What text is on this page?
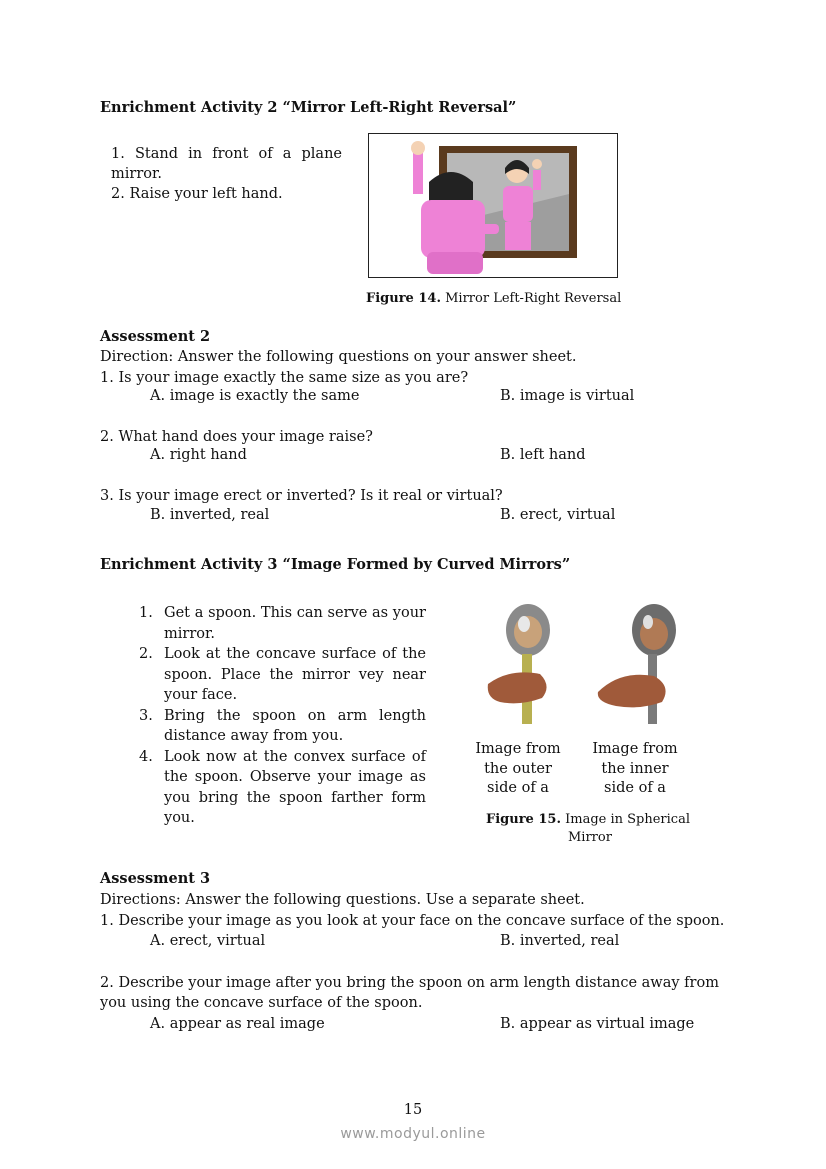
Enrichment Activity 2 “Mirror Left-Right Reversal”
1. Stand in front of a plane mirror.
2. Raise your left hand.
Figure 14. Mirror Left-Right Reversal
Assessment 2
Direction: Answer the following questions on your answer sheet.
1. Is your image exactly the same size as you are?
A. image is exactly the same	B. image is virtual
2. What hand does your image raise?
A. right hand	B. left hand
3. Is your image erect or inverted? Is it real or virtual?
B. inverted, real	B. erect, virtual
Enrichment Activity 3 “Image Formed by Curved Mirrors”
1. Get a spoon. This can serve as your mirror.
2. Look at the concave surface of the spoon. Place the mirror vey near your face.
3. Bring the spoon on arm length distance away from you.
4. Look now at the convex surface of the spoon. Observe your image as you bring the spoon farther form you.
Image from
the outer
side of a
Image from
the inner
side of a
Figure 15. Image in Spherical
Mirror
Assessment 3
Directions: Answer the following questions. Use a separate sheet.
1. Describe your image as you look at your face on the concave surface of the spoon.
A. erect, virtual	B. inverted, real
2. Describe your image after you bring the spoon on arm length distance away from
you using the concave surface of the spoon.
A. appear as real image	B. appear as virtual image
15
www.modyul.online
